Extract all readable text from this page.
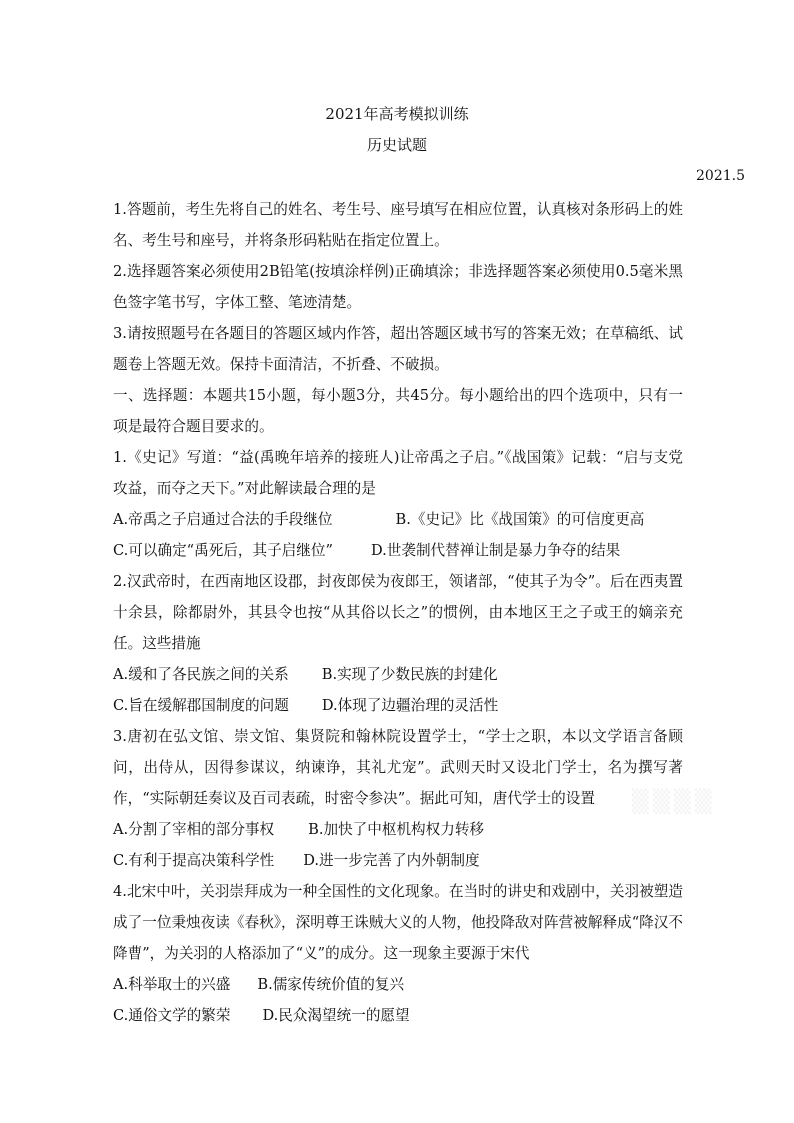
2021年高考模拟训练
历史试题
2021.5

1.答题前，考生先将自己的姓名、考生号、座号填写在相应位置，认真核对条形码上的姓名、考生号和座号，并将条形码粘贴在指定位置上。

2.选择题答案必须使用2B铅笔(按填涂样例)正确填涂；非选择题答案必须使用0.5毫米黑色签字笔书写，字体工整、笔迹清楚。

3.请按照题号在各题目的答题区域内作答，超出答题区域书写的答案无效；在草稿纸、试题卷上答题无效。保持卡面清洁，不折叠、不破损。

一、选择题：本题共15小题，每小题3分，共45分。每小题给出的四个选项中，只有一项是最符合题目要求的。

1.《史记》写道：“益(禹晚年培养的接班人)让帝禹之子启。”《战国策》记载：“启与支党攻益，而夺之天下。”对此解读最合理的是

A.帝禹之子启通过合法的手段继位	B.《史记》比《战国策》的可信度更高
C.可以确定“禹死后，其子启继位”	D.世袭制代替禅让制是暴力争夺的结果

2.汉武帝时，在西南地区设郡，封夜郎侯为夜郎王，领诸部，“使其子为令”。后在西夷置十余县，除都尉外，其县令也按“从其俗以长之”的惯例，由本地区王之子或王的嫡亲充任。这些措施

A.缓和了各民族之间的关系 B.实现了少数民族的封建化
C.旨在缓解郡国制度的问题 D.体现了边疆治理的灵活性

3.唐初在弘文馆、崇文馆、集贤院和翰林院设置学士，“学士之职，本以文学语言备顾问，出侍从，因得参谋议，纳谏诤，其礼尤宠”。武则天时又设北门学士，名为撰写著作，“实际朝廷奏议及百司表疏，时密令参决”。据此可知，唐代学士的设置

A.分割了宰相的部分事权 B.加快了中枢机构权力转移
C.有利于提高决策科学性 D.进一步完善了内外朝制度

4.北宋中叶，关羽崇拜成为一种全国性的文化现象。在当时的讲史和戏剧中，关羽被塑造成了一位秉烛夜读《春秋》，深明尊王诛贼大义的人物，他投降敌对阵营被解释成“降汉不降曹”，为关羽的人格添加了“义”的成分。这一现象主要源于宋代

A.科举取士的兴盛 B.儒家传统价值的复兴
C.通俗文学的繁荣 D.民众渴望统一的愿望
▒▒▒▒
